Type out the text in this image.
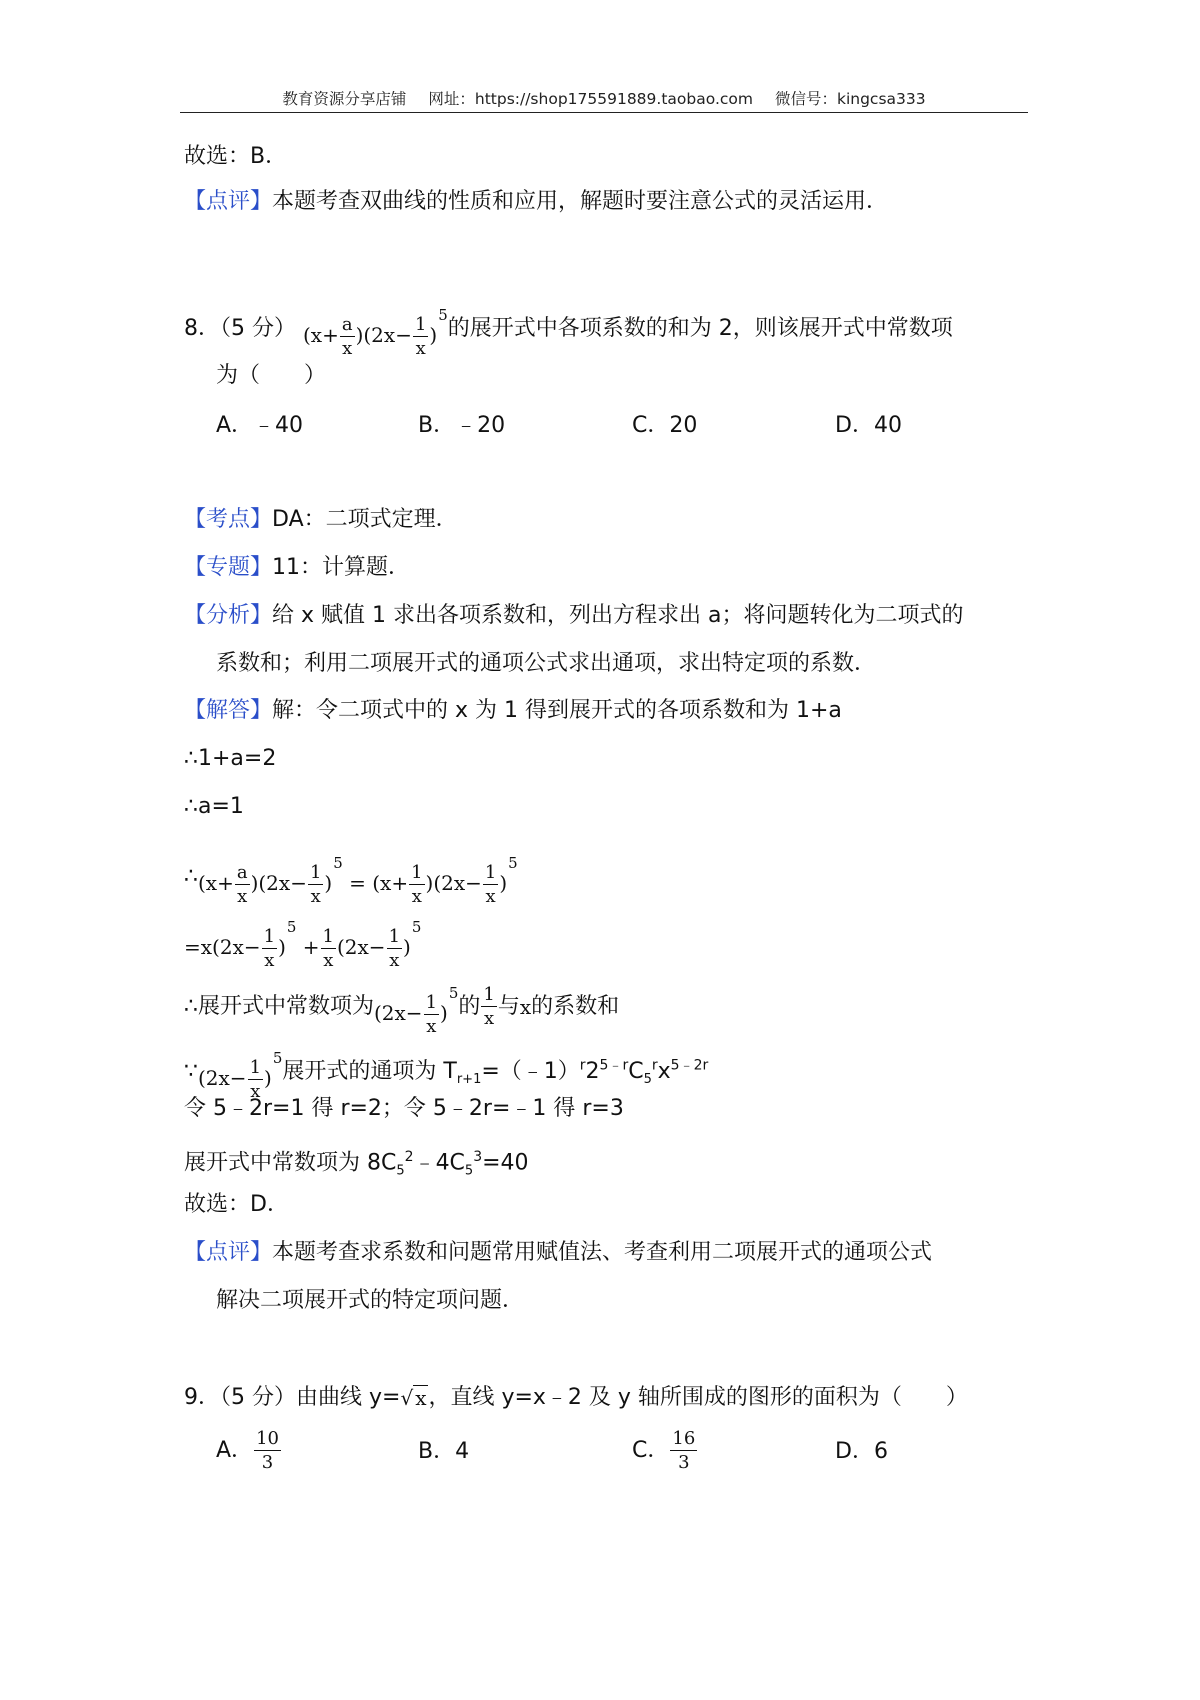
教育资源分享店铺 网址：https://shop175591889.taobao.com 微信号：kingcsa333
故选：B．
【点评】本题考查双曲线的性质和应用，解题时要注意公式的灵活运用．
8．（5 分） $(x+ \frac{a}{x} )(2x- \frac{1}{x} )^5$的展开式中各项系数的和为 2，则该展开式中常数项
为（　　）
A．﹣40	B．﹣20	C．20	D．40
【考点】DA：二项式定理．
【专题】11：计算题．
【分析】给 x 赋值 1 求出各项系数和，列出方程求出 a；将问题转化为二项式的
系数和；利用二项展开式的通项公式求出通项，求出特定项的系数．
【解答】解：令二项式中的 x 为 1 得到展开式的各项系数和为 1+a
∴1+a=2
∴a=1
∴(x+ $\frac{a}{x} )(2x- \frac{1}{x} )^5 = (x+ \frac{1}{x} )(2x- \frac{1}{x} )^5$
$=x(2x- \frac{1}{x} )^5 + \frac{1}{x} (2x- \frac{1}{x} )^5$
∴展开式中常数项为$(2x- \frac{1}{x} )^5$的 $\frac{1}{x}$ 与x的系数和
∵(2x− $\frac{1}{x} )^5$展开式的通项为 $T_{r+1}=(﹣1)^r2^{5﹣r}C_5^rx^{5﹣2r}$
令 5﹣2r=1 得 r=2；令 5﹣2r=﹣1 得 r=3
展开式中常数项为 $8C_5^2﹣4C_5^3=40$
故选：D．
【点评】本题考查求系数和问题常用赋值法、考查利用二项展开式的通项公式
解决二项展开式的特定项问题．
9．（5 分）由曲线 y=√ x，直线 y=x﹣2 及 y 轴所围成的图形的面积为（　　）
A． $\frac{10}{3}$	B．4	C． $\frac{16}{3}$	D．6
